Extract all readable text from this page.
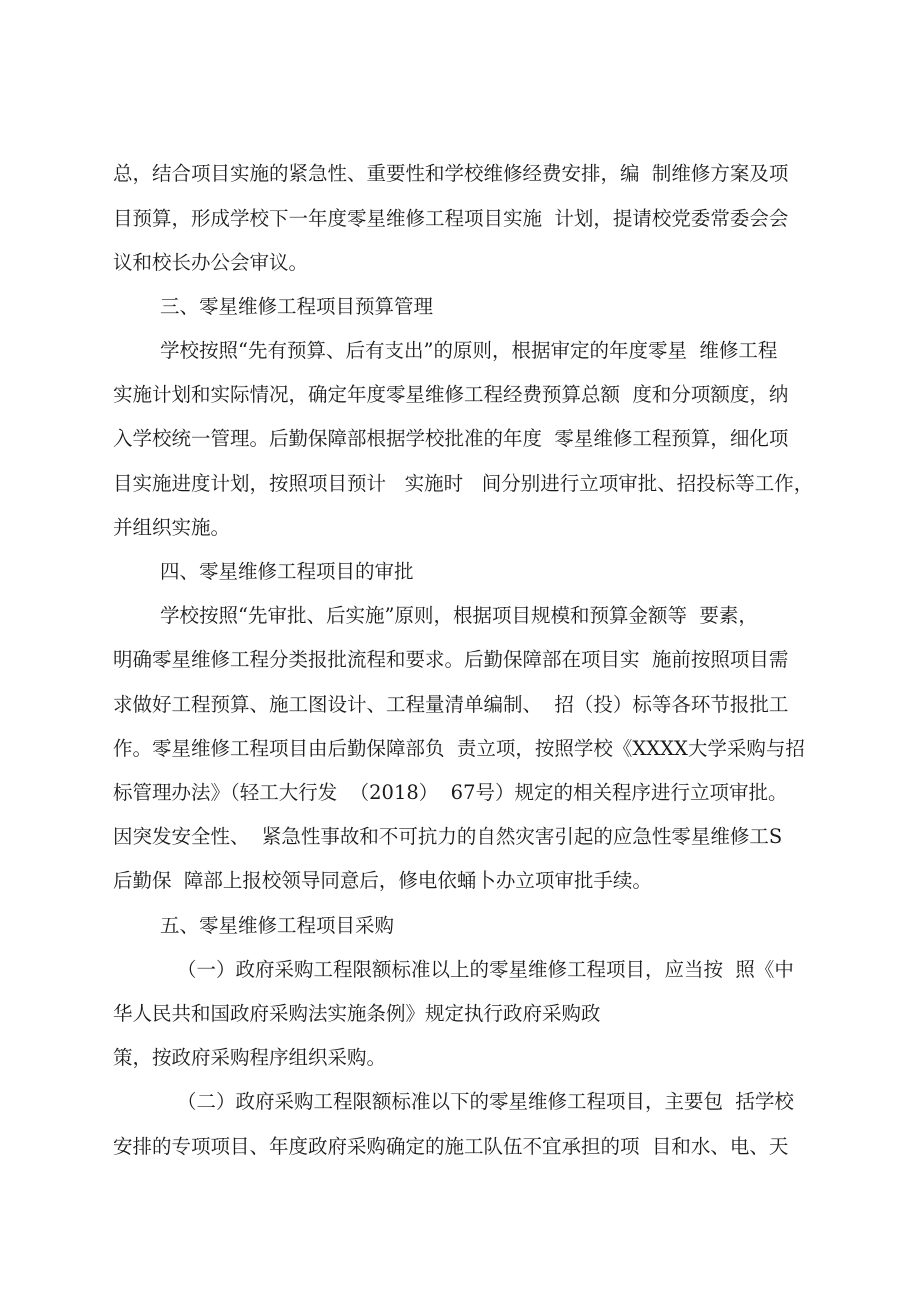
总，结合项目实施的紧急性、重要性和学校维修经费安排，编  制维修方案及项
目预算，形成学校下一年度零星维修工程项目实施  计划，提请校党委常委会会
议和校长办公会审议。
三、零星维修工程项目预算管理
学校按照“先有预算、后有支出”的原则，根据审定的年度零星  维修工程
实施计划和实际情况，确定年度零星维修工程经费预算总额  度和分项额度，纳
入学校统一管理。后勤保障部根据学校批准的年度  零星维修工程预算，细化项
目实施进度计划，按照项目预计   实施时   间分别进行立项审批、招投标等工作，
并组织实施。
四、零星维修工程项目的审批
学校按照“先审批、后实施”原则，根据项目规模和预算金额等  要素，
明确零星维修工程分类报批流程和要求。后勤保障部在项目实  施前按照项目需
求做好工程预算、施工图设计、工程量清单编制、  招（投）标等各环节报批工
作。零星维修工程项目由后勤保障部负  责立项，按照学校《XXXX大学采购与招
标管理办法》（轻工大行发  （2018）  67号）规定的相关程序进行立项审批。
因突发安全性、  紧急性事故和不可抗力的自然灾害引起的应急性零星维修工S
后勤保  障部上报校领导同意后，修电依蛹卜办立项审批手续。
五、零星维修工程项目采购
（一）政府采购工程限额标准以上的零星维修工程项目，应当按  照《中
华人民共和国政府采购法实施条例》规定执行政府采购政
策，按政府采购程序组织采购。
（二）政府采购工程限额标准以下的零星维修工程项目，主要包  括学校
安排的专项项目、年度政府采购确定的施工队伍不宜承担的项  目和水、电、天
